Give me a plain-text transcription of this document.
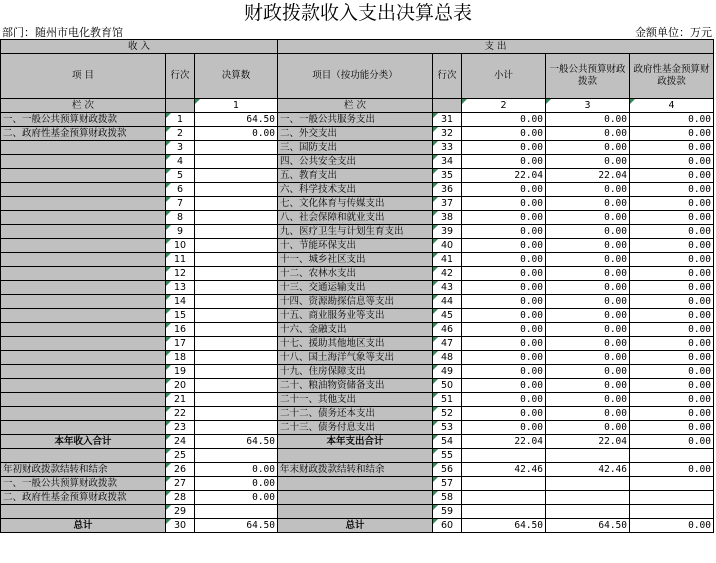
财政拨款收入支出决算总表
部门：随州市电化教育馆	金额单位：万元
收 入			支 出				
项 目	行次	决算数	项目（按功能分类）	行次	小计	一般公共预算财政拨款	政府性基金预算财政拨款
栏 次		1	栏 次		2	3	4
一、一般公共预算财政拨款	1	64.50	一、一般公共服务支出	31	0.00	0.00	0.00
二、政府性基金预算财政拨款	2	0.00	二、外交支出	32	0.00	0.00	0.00
	3		三、国防支出	33	0.00	0.00	0.00
	4		四、公共安全支出	34	0.00	0.00	0.00
	5		五、教育支出	35	22.04	22.04	0.00
	6		六、科学技术支出	36	0.00	0.00	0.00
	7		七、文化体育与传媒支出	37	0.00	0.00	0.00
	8		八、社会保障和就业支出	38	0.00	0.00	0.00
	9		九、医疗卫生与计划生育支出	39	0.00	0.00	0.00
	10		十、节能环保支出	40	0.00	0.00	0.00
	11		十一、城乡社区支出	41	0.00	0.00	0.00
	12		十二、农林水支出	42	0.00	0.00	0.00
	13		十三、交通运输支出	43	0.00	0.00	0.00
	14		十四、资源勘探信息等支出	44	0.00	0.00	0.00
	15		十五、商业服务业等支出	45	0.00	0.00	0.00
	16		十六、金融支出	46	0.00	0.00	0.00
	17		十七、援助其他地区支出	47	0.00	0.00	0.00
	18		十八、国土海洋气象等支出	48	0.00	0.00	0.00
	19		十九、住房保障支出	49	0.00	0.00	0.00
	20		二十、粮油物资储备支出	50	0.00	0.00	0.00
	21		二十一、其他支出	51	0.00	0.00	0.00
	22		二十二、债务还本支出	52	0.00	0.00	0.00
	23		二十三、债务付息支出	53	0.00	0.00	0.00
本年收入合计	24	64.50	本年支出合计	54	22.04	22.04	0.00
	25			55			
年初财政拨款结转和结余	26	0.00	年末财政拨款结转和结余	56	42.46	42.46	0.00
一、一般公共预算财政拨款	27	0.00		57			
二、政府性基金预算财政拨款	28	0.00		58			
	29			59			
总计	30	64.50	总计	60	64.50	64.50	0.00
